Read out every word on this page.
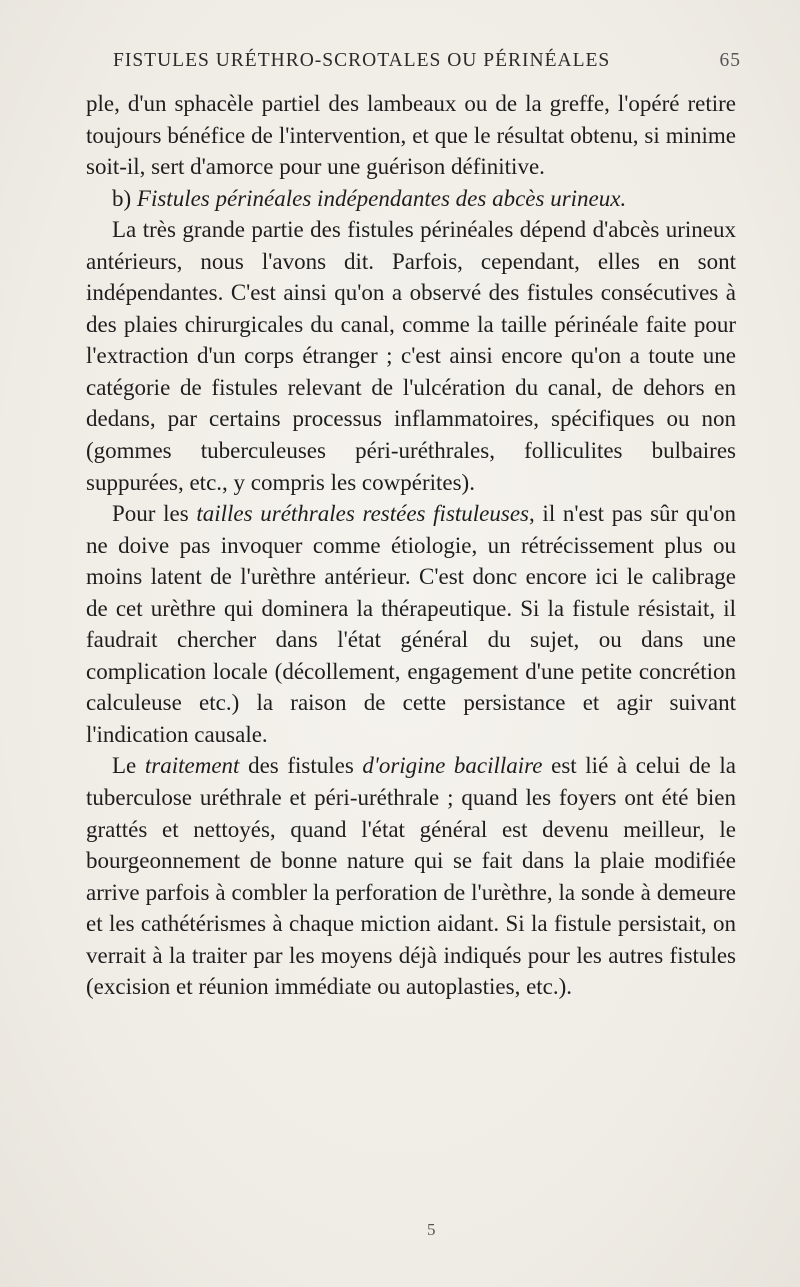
FISTULES URÉTHRO-SCROTALES OU PÉRINÉALES	65

ple, d'un sphacèle partiel des lambeaux ou de la greffe, l'opéré retire toujours bénéfice de l'intervention, et que le résultat obtenu, si minime soit-il, sert d'amorce pour une guérison définitive.

b) Fistules périnéales indépendantes des abcès urineux.

La très grande partie des fistules périnéales dépend d'abcès urineux antérieurs, nous l'avons dit. Parfois, cependant, elles en sont indépendantes. C'est ainsi qu'on a observé des fistules consécutives à des plaies chirurgicales du canal, comme la taille périnéale faite pour l'extraction d'un corps étranger ; c'est ainsi encore qu'on a toute une catégorie de fistules relevant de l'ulcération du canal, de dehors en dedans, par certains processus inflammatoires, spécifiques ou non (gommes tuberculeuses péri-uréthrales, folliculites bulbaires suppurées, etc., y compris les cowpérites).

Pour les tailles uréthrales restées fistuleuses, il n'est pas sûr qu'on ne doive pas invoquer comme étiologie, un rétrécissement plus ou moins latent de l'urèthre antérieur. C'est donc encore ici le calibrage de cet urèthre qui dominera la thérapeutique. Si la fistule résistait, il faudrait chercher dans l'état général du sujet, ou dans une complication locale (décollement, engagement d'une petite concrétion calculeuse etc.) la raison de cette persistance et agir suivant l'indication causale.

Le traitement des fistules d'origine bacillaire est lié à celui de la tuberculose uréthrale et péri-uréthrale ; quand les foyers ont été bien grattés et nettoyés, quand l'état général est devenu meilleur, le bourgeonnement de bonne nature qui se fait dans la plaie modifiée arrive parfois à combler la perforation de l'urèthre, la sonde à demeure et les cathétérismes à chaque miction aidant. Si la fistule persistait, on verrait à la traiter par les moyens déjà indiqués pour les autres fistules (excision et réunion immédiate ou autoplasties, etc.).

5
